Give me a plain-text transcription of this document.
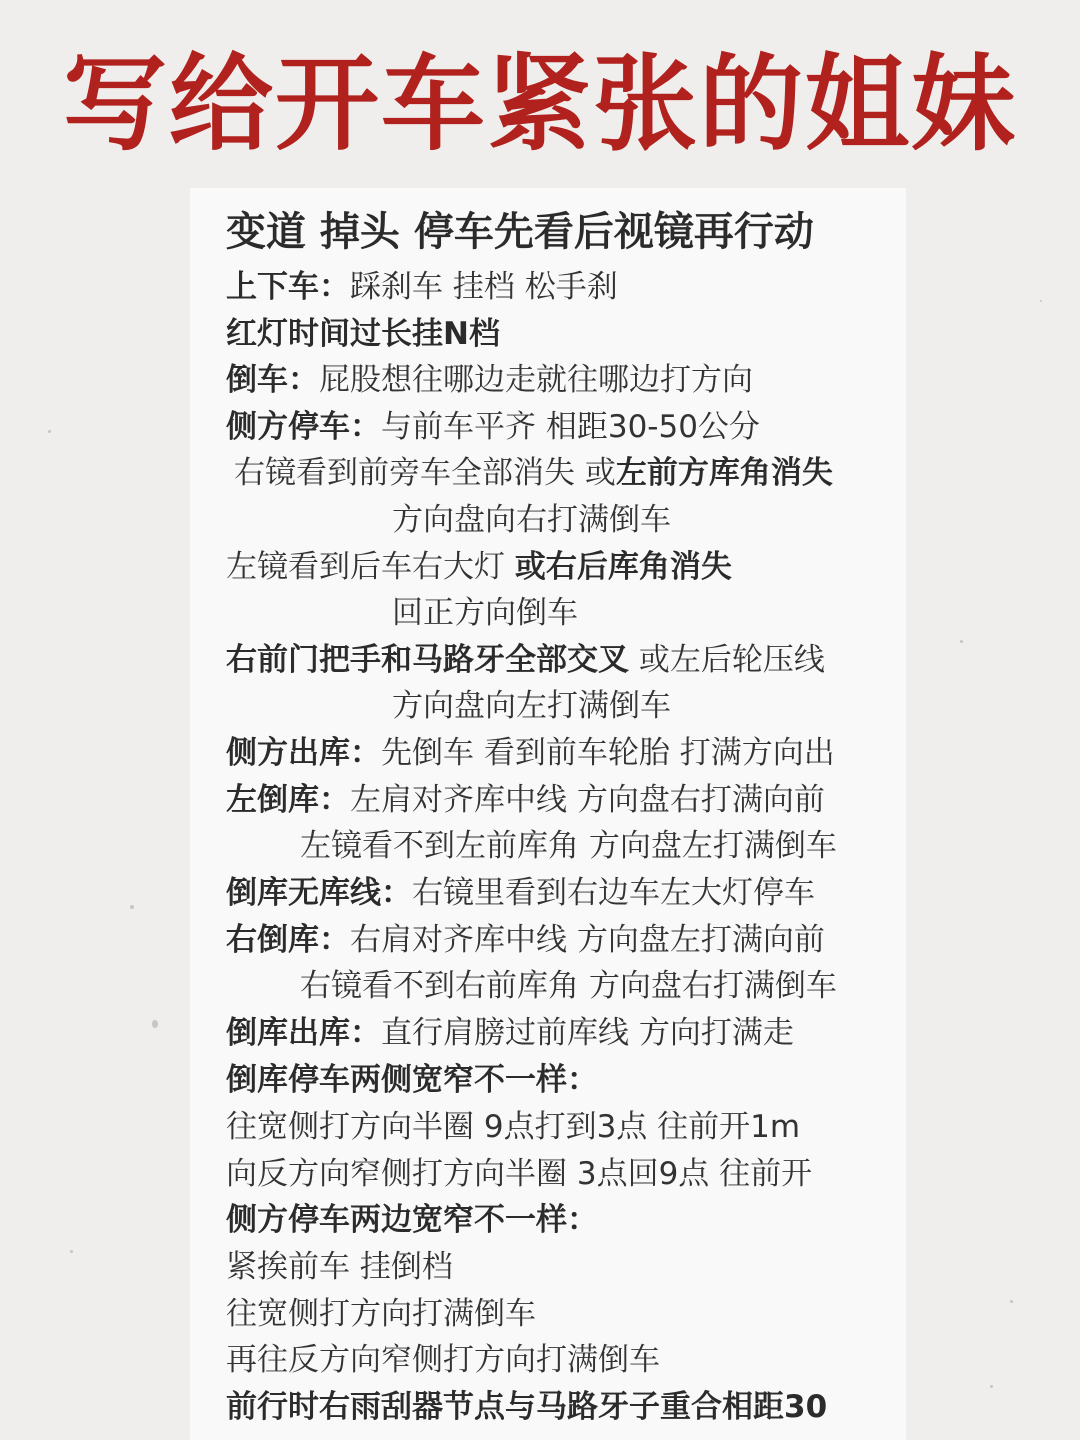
写给开车紧张的姐妹
变道 掉头 停车先看后视镜再行动
上下车：踩刹车 挂档 松手刹
红灯时间过长挂N档
倒车：屁股想往哪边走就往哪边打方向
侧方停车：与前车平齐 相距30-50公分
右镜看到前旁车全部消失 或左前方库角消失
方向盘向右打满倒车
左镜看到后车右大灯 或右后库角消失
回正方向倒车
右前门把手和马路牙全部交叉 或左后轮压线
方向盘向左打满倒车
侧方出库：先倒车 看到前车轮胎 打满方向出
左倒库：左肩对齐库中线 方向盘右打满向前
左镜看不到左前库角 方向盘左打满倒车
倒库无库线：右镜里看到右边车左大灯停车
右倒库：右肩对齐库中线 方向盘左打满向前
右镜看不到右前库角 方向盘右打满倒车
倒库出库：直行肩膀过前库线 方向打满走
倒库停车两侧宽窄不一样：
往宽侧打方向半圈 9点打到3点 往前开1m
向反方向窄侧打方向半圈 3点回9点 往前开
侧方停车两边宽窄不一样：
紧挨前车 挂倒档
往宽侧打方向打满倒车
再往反方向窄侧打方向打满倒车
前行时右雨刮器节点与马路牙子重合相距30
